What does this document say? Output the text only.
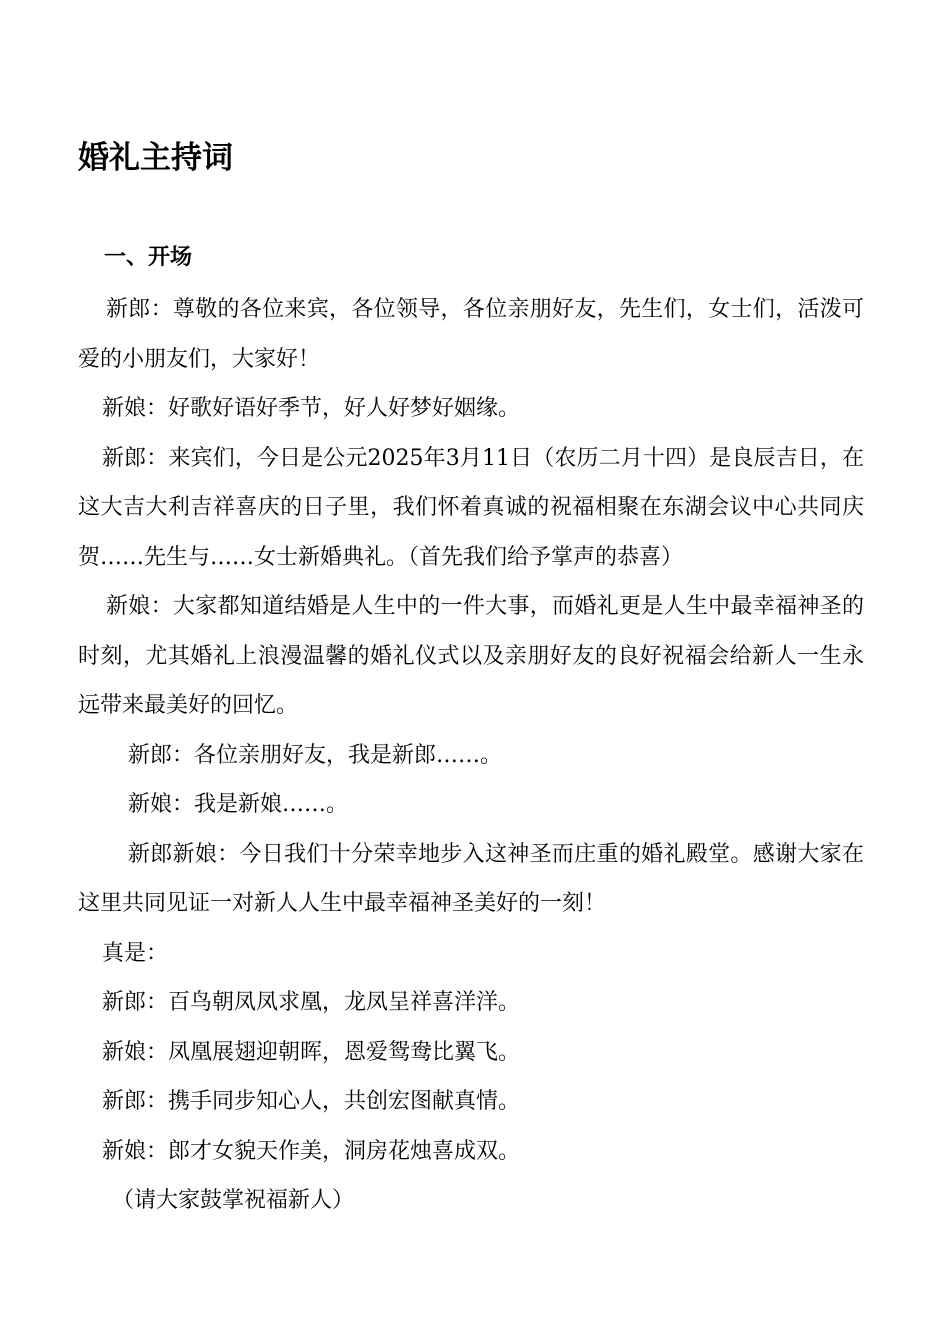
婚礼主持词
一、开场

新郎：尊敬的各位来宾，各位领导，各位亲朋好友，先生们，女士们，活泼可爱的小朋友们，大家好！

新娘：好歌好语好季节，好人好梦好姻缘。

新郎：来宾们，今日是公元2025年3月11日（农历二月十四）是良辰吉日，在这大吉大利吉祥喜庆的日子里，我们怀着真诚的祝福相聚在东湖会议中心共同庆贺……先生与……女士新婚典礼。（首先我们给予掌声的恭喜）

新娘：大家都知道结婚是人生中的一件大事，而婚礼更是人生中最幸福神圣的时刻，尤其婚礼上浪漫温馨的婚礼仪式以及亲朋好友的良好祝福会给新人一生永远带来最美好的回忆。

新郎：各位亲朋好友，我是新郎……。

新娘：我是新娘……。

新郎新娘：今日我们十分荣幸地步入这神圣而庄重的婚礼殿堂。感谢大家在这里共同见证一对新人人生中最幸福神圣美好的一刻！

真是：

新郎：百鸟朝凤凤求凰，龙凤呈祥喜洋洋。

新娘：凤凰展翅迎朝晖，恩爱鸳鸯比翼飞。

新郎：携手同步知心人，共创宏图献真情。

新娘：郎才女貌天作美，洞房花烛喜成双。

（请大家鼓掌祝福新人）
